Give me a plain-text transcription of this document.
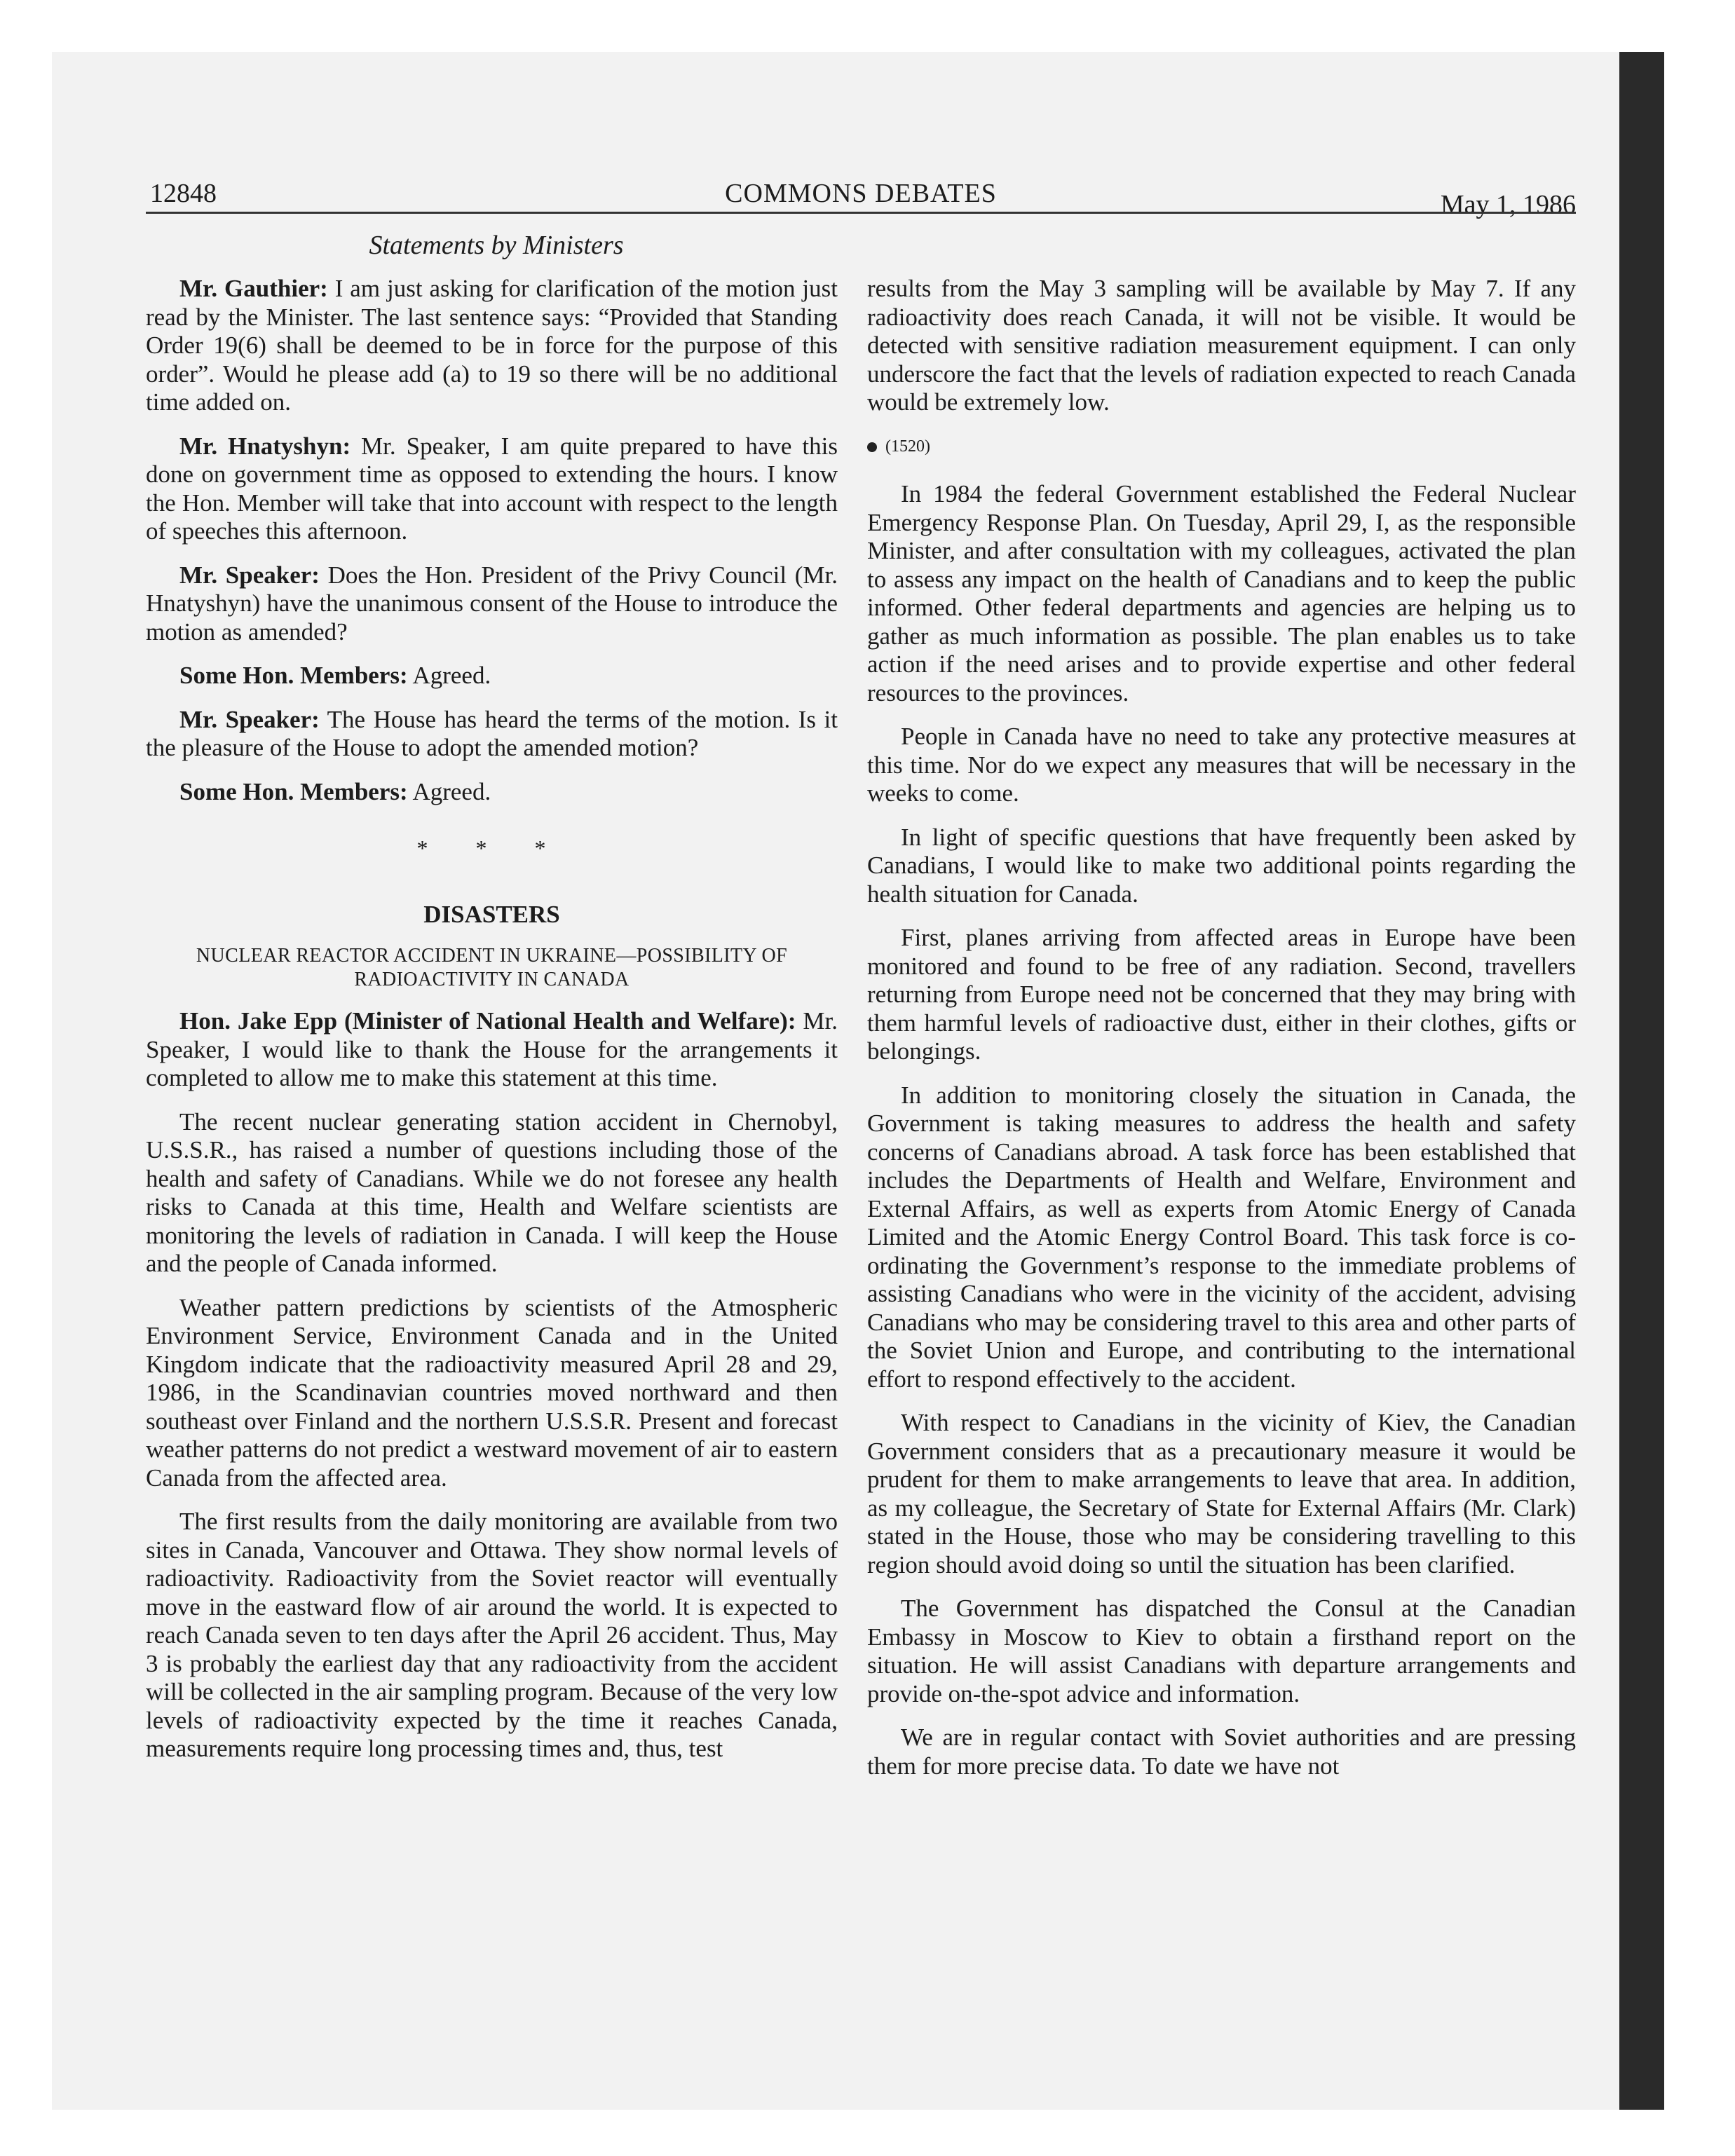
12848	COMMONS DEBATES	May 1, 1986
Statements by Ministers

Mr. Gauthier: I am just asking for clarification of the motion just read by the Minister. The last sentence says: “Provided that Standing Order 19(6) shall be deemed to be in force for the purpose of this order”. Would he please add (a) to 19 so there will be no additional time added on.

Mr. Hnatyshyn: Mr. Speaker, I am quite prepared to have this done on government time as opposed to extending the hours. I know the Hon. Member will take that into account with respect to the length of speeches this afternoon.

Mr. Speaker: Does the Hon. President of the Privy Council (Mr. Hnatyshyn) have the unanimous consent of the House to introduce the motion as amended?

Some Hon. Members: Agreed.

Mr. Speaker: The House has heard the terms of the motion. Is it the pleasure of the House to adopt the amended motion?

Some Hon. Members: Agreed.

* * *
DISASTERS
NUCLEAR REACTOR ACCIDENT IN UKRAINE—POSSIBILITY OF RADIOACTIVITY IN CANADA

Hon. Jake Epp (Minister of National Health and Welfare): Mr. Speaker, I would like to thank the House for the arrangements it completed to allow me to make this statement at this time.

The recent nuclear generating station accident in Chernobyl, U.S.S.R., has raised a number of questions including those of the health and safety of Canadians. While we do not foresee any health risks to Canada at this time, Health and Welfare scientists are monitoring the levels of radiation in Canada. I will keep the House and the people of Canada informed.

Weather pattern predictions by scientists of the Atmospheric Environment Service, Environment Canada and in the United Kingdom indicate that the radioactivity measured April 28 and 29, 1986, in the Scandinavian countries moved northward and then southeast over Finland and the northern U.S.S.R. Present and forecast weather patterns do not predict a westward movement of air to eastern Canada from the affected area.

The first results from the daily monitoring are available from two sites in Canada, Vancouver and Ottawa. They show normal levels of radioactivity. Radioactivity from the Soviet reactor will eventually move in the eastward flow of air around the world. It is expected to reach Canada seven to ten days after the April 26 accident. Thus, May 3 is probably the earliest day that any radioactivity from the accident will be collected in the air sampling program. Because of the very low levels of radioactivity expected by the time it reaches Canada, measurements require long processing times and, thus, test

results from the May 3 sampling will be available by May 7. If any radioactivity does reach Canada, it will not be visible. It would be detected with sensitive radiation measurement equipment. I can only underscore the fact that the levels of radiation expected to reach Canada would be extremely low.

(1520)

In 1984 the federal Government established the Federal Nuclear Emergency Response Plan. On Tuesday, April 29, I, as the responsible Minister, and after consultation with my colleagues, activated the plan to assess any impact on the health of Canadians and to keep the public informed. Other federal departments and agencies are helping us to gather as much information as possible. The plan enables us to take action if the need arises and to provide expertise and other federal resources to the provinces.

People in Canada have no need to take any protective measures at this time. Nor do we expect any measures that will be necessary in the weeks to come.

In light of specific questions that have frequently been asked by Canadians, I would like to make two additional points regarding the health situation for Canada.

First, planes arriving from affected areas in Europe have been monitored and found to be free of any radiation. Second, travellers returning from Europe need not be concerned that they may bring with them harmful levels of radioactive dust, either in their clothes, gifts or belongings.

In addition to monitoring closely the situation in Canada, the Government is taking measures to address the health and safety concerns of Canadians abroad. A task force has been established that includes the Departments of Health and Welfare, Environment and External Affairs, as well as experts from Atomic Energy of Canada Limited and the Atomic Energy Control Board. This task force is co-ordinating the Government’s response to the immediate problems of assisting Canadians who were in the vicinity of the accident, advising Canadians who may be considering travel to this area and other parts of the Soviet Union and Europe, and contributing to the international effort to respond effectively to the accident.

With respect to Canadians in the vicinity of Kiev, the Canadian Government considers that as a precautionary measure it would be prudent for them to make arrangements to leave that area. In addition, as my colleague, the Secretary of State for External Affairs (Mr. Clark) stated in the House, those who may be considering travelling to this region should avoid doing so until the situation has been clarified.

The Government has dispatched the Consul at the Canadian Embassy in Moscow to Kiev to obtain a firsthand report on the situation. He will assist Canadians with departure arrangements and provide on-the-spot advice and information.

We are in regular contact with Soviet authorities and are pressing them for more precise data. To date we have not
